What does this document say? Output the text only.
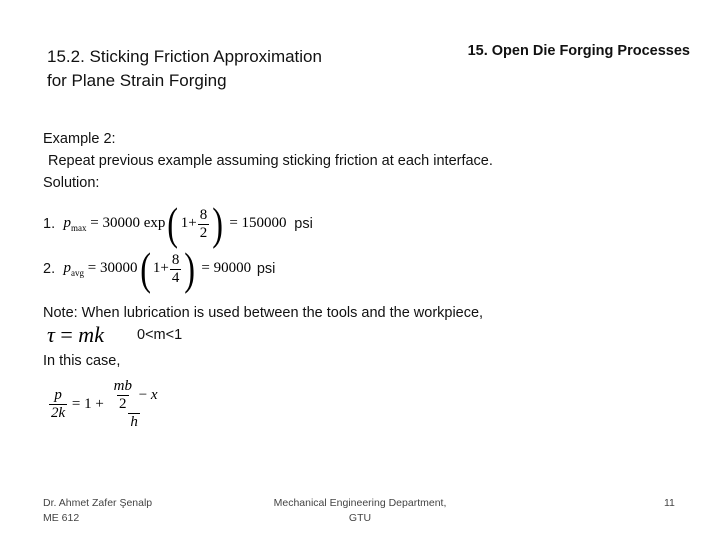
15.2. Sticking Friction Approximation
for Plane Strain Forging
15. Open Die Forging Processes
Example 2:
Repeat previous example assuming sticking friction at each interface.
Solution:
1. $p_{max} = 30000$ exp( $1+ \frac{8}{2}$ ) = 150000 psi
2. $p_{avg} = 30000$( $1+ \frac{8}{4}$ ) = 90000 psi
Note: When lubrication is used between the tools and the workpiece,
τ = mk 0<m<1
In this case,
$\frac{p}{2k} = 1 + \frac{\frac{mb}{2} - x}{h}$
Dr. Ahmet Zafer Şenalp
ME 612
Mechanical Engineering Department,
GTU
11
